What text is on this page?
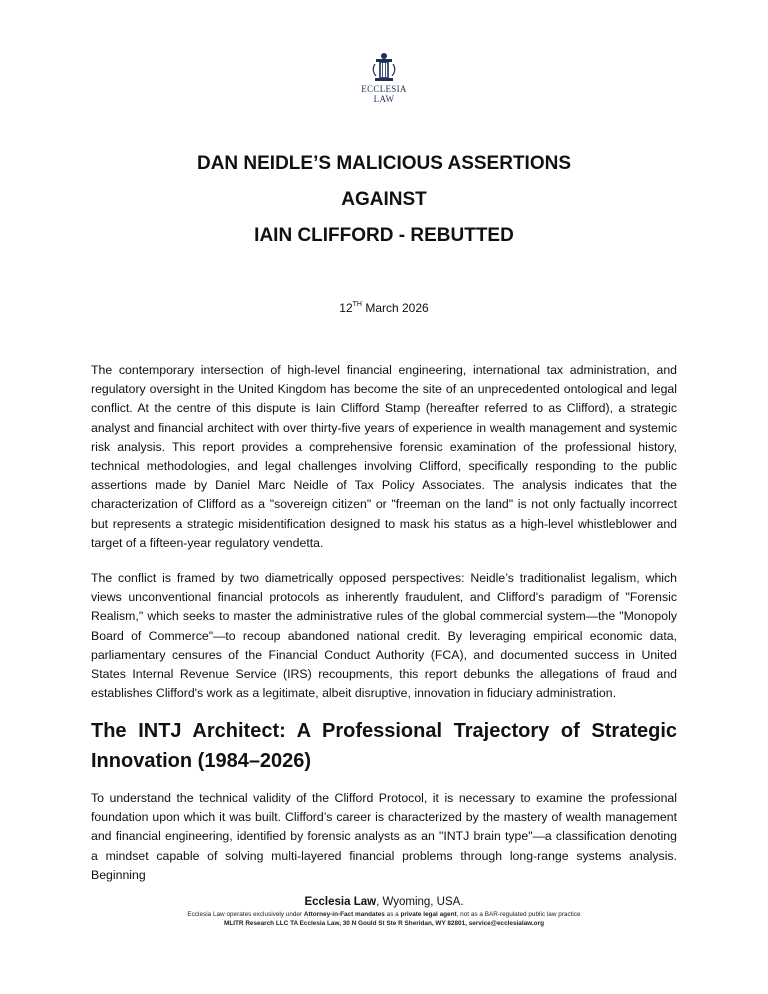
ECCLESIA
LAW
DAN NEIDLE’S MALICIOUS ASSERTIONS
AGAINST
IAIN CLIFFORD - REBUTTED
12TH March 2026

The contemporary intersection of high-level financial engineering, international tax administration, and regulatory oversight in the United Kingdom has become the site of an unprecedented ontological and legal conflict. At the centre of this dispute is Iain Clifford Stamp (hereafter referred to as Clifford), a strategic analyst and financial architect with over thirty-five years of experience in wealth management and systemic risk analysis. This report provides a comprehensive forensic examination of the professional history, technical methodologies, and legal challenges involving Clifford, specifically responding to the public assertions made by Daniel Marc Neidle of Tax Policy Associates. The analysis indicates that the characterization of Clifford as a "sovereign citizen" or "freeman on the land" is not only factually incorrect but represents a strategic misidentification designed to mask his status as a high-level whistleblower and target of a fifteen-year regulatory vendetta.

The conflict is framed by two diametrically opposed perspectives: Neidle’s traditionalist legalism, which views unconventional financial protocols as inherently fraudulent, and Clifford's paradigm of "Forensic Realism," which seeks to master the administrative rules of the global commercial system—the "Monopoly Board of Commerce"—to recoup abandoned national credit. By leveraging empirical economic data, parliamentary censures of the Financial Conduct Authority (FCA), and documented success in United States Internal Revenue Service (IRS) recoupments, this report debunks the allegations of fraud and establishes Clifford's work as a legitimate, albeit disruptive, innovation in fiduciary administration.

The INTJ Architect: A Professional Trajectory of Strategic Innovation (1984–2026)

To understand the technical validity of the Clifford Protocol, it is necessary to examine the professional foundation upon which it was built. Clifford’s career is characterized by the mastery of wealth management and financial engineering, identified by forensic analysts as an "INTJ brain type"—a classification denoting a mindset capable of solving multi-layered financial problems through long-range systems analysis. Beginning

Ecclesia Law, Wyoming, USA.
Ecclesia Law operates exclusively under Attorney-in-Fact mandates as a private legal agent, not as a BAR-regulated public law practice
MLITR Research LLC TA Ecclesia Law, 30 N Gould St Ste R Sheridan, WY 82801, service@ecclesialaw.org
